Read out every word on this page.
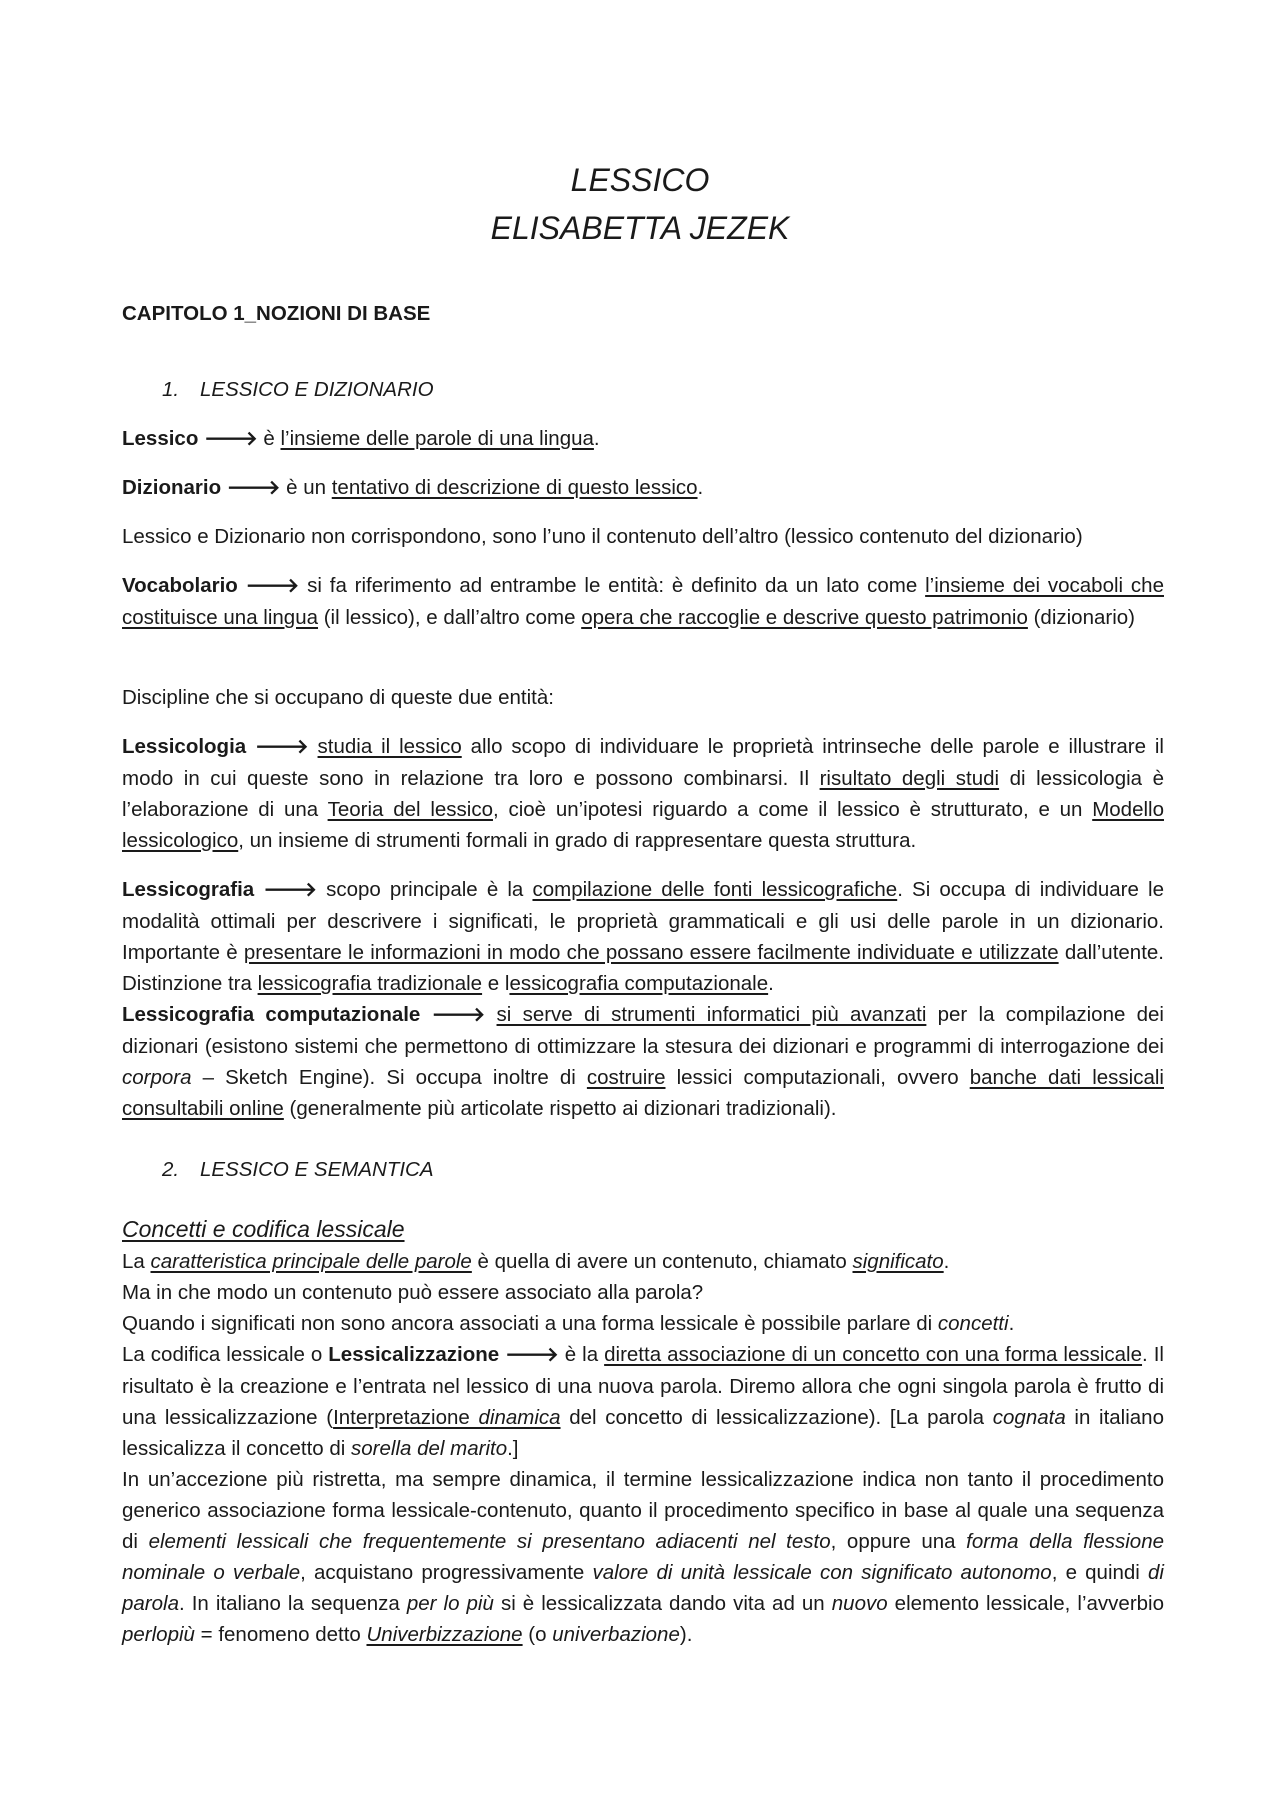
LESSICO
ELISABETTA JEZEK
CAPITOLO 1_NOZIONI DI BASE

1. LESSICO E DIZIONARIO

Lessico 🡒 è l’insieme delle parole di una lingua.

Dizionario 🡒 è un tentativo di descrizione di questo lessico.

Lessico e Dizionario non corrispondono, sono l’uno il contenuto dell’altro (lessico contenuto del dizionario)

Vocabolario 🡒 si fa riferimento ad entrambe le entità: è definito da un lato come l’insieme dei vocaboli che costituisce una lingua (il lessico), e dall’altro come opera che raccoglie e descrive questo patrimonio (dizionario)

Discipline che si occupano di queste due entità:

Lessicologia 🡒 studia il lessico allo scopo di individuare le proprietà intrinseche delle parole e illustrare il modo in cui queste sono in relazione tra loro e possono combinarsi. Il risultato degli studi di lessicologia è l’elaborazione di una Teoria del lessico, cioè un’ipotesi riguardo a come il lessico è strutturato, e un Modello lessicologico, un insieme di strumenti formali in grado di rappresentare questa struttura.

Lessicografia 🡒 scopo principale è la compilazione delle fonti lessicografiche. Si occupa di individuare le modalità ottimali per descrivere i significati, le proprietà grammaticali e gli usi delle parole in un dizionario. Importante è presentare le informazioni in modo che possano essere facilmente individuate e utilizzate dall’utente. Distinzione tra lessicografia tradizionale e lessicografia computazionale.

Lessicografia computazionale 🡒 si serve di strumenti informatici più avanzati per la compilazione dei dizionari (esistono sistemi che permettono di ottimizzare la stesura dei dizionari e programmi di interrogazione dei corpora – Sketch Engine). Si occupa inoltre di costruire lessici computazionali, ovvero banche dati lessicali consultabili online (generalmente più articolate rispetto ai dizionari tradizionali).

2. LESSICO E SEMANTICA

Concetti e codifica lessicale

La caratteristica principale delle parole è quella di avere un contenuto, chiamato significato.

Ma in che modo un contenuto può essere associato alla parola?

Quando i significati non sono ancora associati a una forma lessicale è possibile parlare di concetti.

La codifica lessicale o Lessicalizzazione 🡒 è la diretta associazione di un concetto con una forma lessicale. Il risultato è la creazione e l’entrata nel lessico di una nuova parola. Diremo allora che ogni singola parola è frutto di una lessicalizzazione (Interpretazione dinamica del concetto di lessicalizzazione). [La parola cognata in italiano lessicalizza il concetto di sorella del marito.]

In un’accezione più ristretta, ma sempre dinamica, il termine lessicalizzazione indica non tanto il procedimento generico associazione forma lessicale-contenuto, quanto il procedimento specifico in base al quale una sequenza di elementi lessicali che frequentemente si presentano adiacenti nel testo, oppure una forma della flessione nominale o verbale, acquistano progressivamente valore di unità lessicale con significato autonomo, e quindi di parola. In italiano la sequenza per lo più si è lessicalizzata dando vita ad un nuovo elemento lessicale, l’avverbio perlopiù = fenomeno detto Univerbizzazione (o univerbazione).
